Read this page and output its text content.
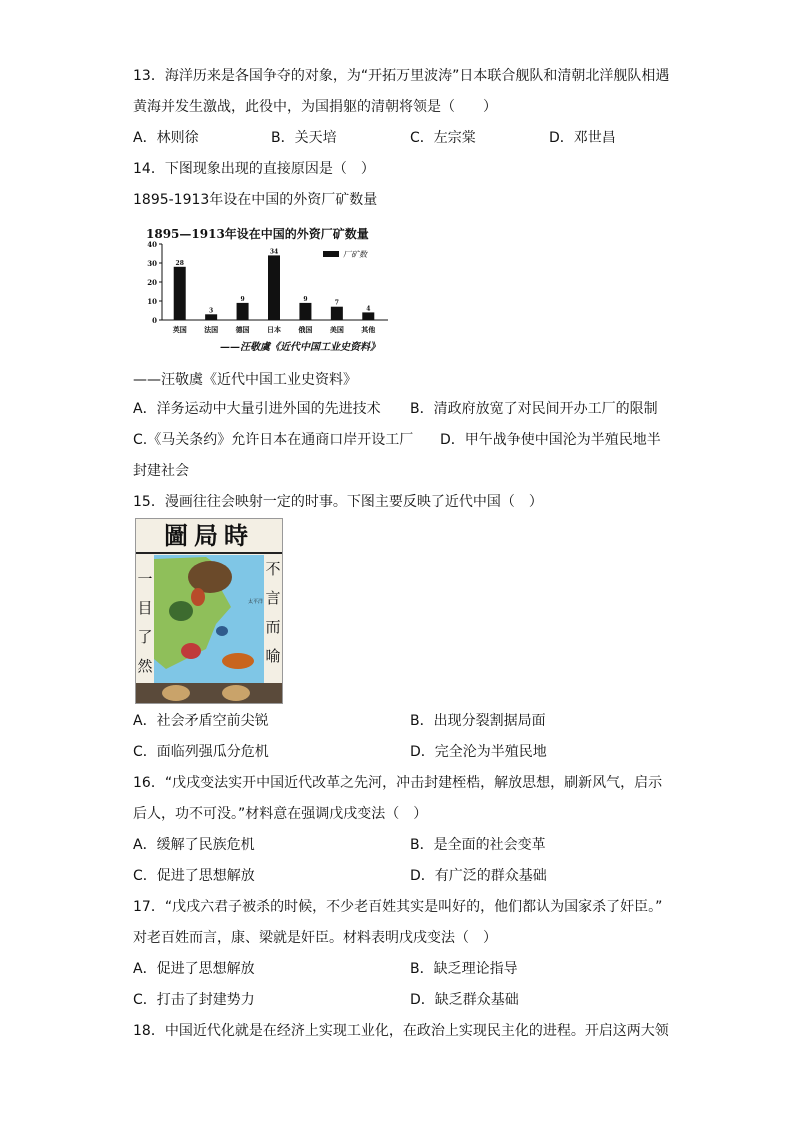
13．海洋历来是各国争夺的对象，为“开拓万里波涛”日本联合舰队和清朝北洋舰队相遇
黄海并发生激战，此役中，为国捐躯的清朝将领是（　　）
A．林则徐	B．关天培	C．左宗棠	D．邓世昌
14．下图现象出现的直接原因是（　）
1895-1913年设在中国的外资厂矿数量
1895—1913年设在中国的外资厂矿数量
厂矿数
0
10
20
30
40
28
英国
3
法国
9
德国
34
日本
9
俄国
7
美国
4
其他
——汪敬虞《近代中国工业史资料》
——汪敬虞《近代中国工业史资料》
A．洋务运动中大量引进外国的先进技术 B．清政府放宽了对民间开办工厂的限制
C.《马关条约》允许日本在通商口岸开设工厂 D．甲午战争使中国沦为半殖民地半
封建社会
15．漫画往往会映射一定的时事。下图主要反映了近代中国（　）
圖局時
太平洋
一
目
了
然
不
言
而
喻
A．社会矛盾空前尖锐	B．出现分裂割据局面
C．面临列强瓜分危机	D．完全沦为半殖民地
16．“戊戌变法实开中国近代改革之先河，冲击封建桎梏，解放思想，刷新风气，启示
后人，功不可没。”材料意在强调戊戌变法（　）
A．缓解了民族危机	B．是全面的社会变革
C．促进了思想解放	D．有广泛的群众基础
17．“戊戌六君子被杀的时候，不少老百姓其实是叫好的，他们都认为国家杀了奸臣。”
对老百姓而言，康、梁就是奸臣。材料表明戊戌变法（　）
A．促进了思想解放	B．缺乏理论指导
C．打击了封建势力	D．缺乏群众基础
18．中国近代化就是在经济上实现工业化，在政治上实现民主化的进程。开启这两大领
